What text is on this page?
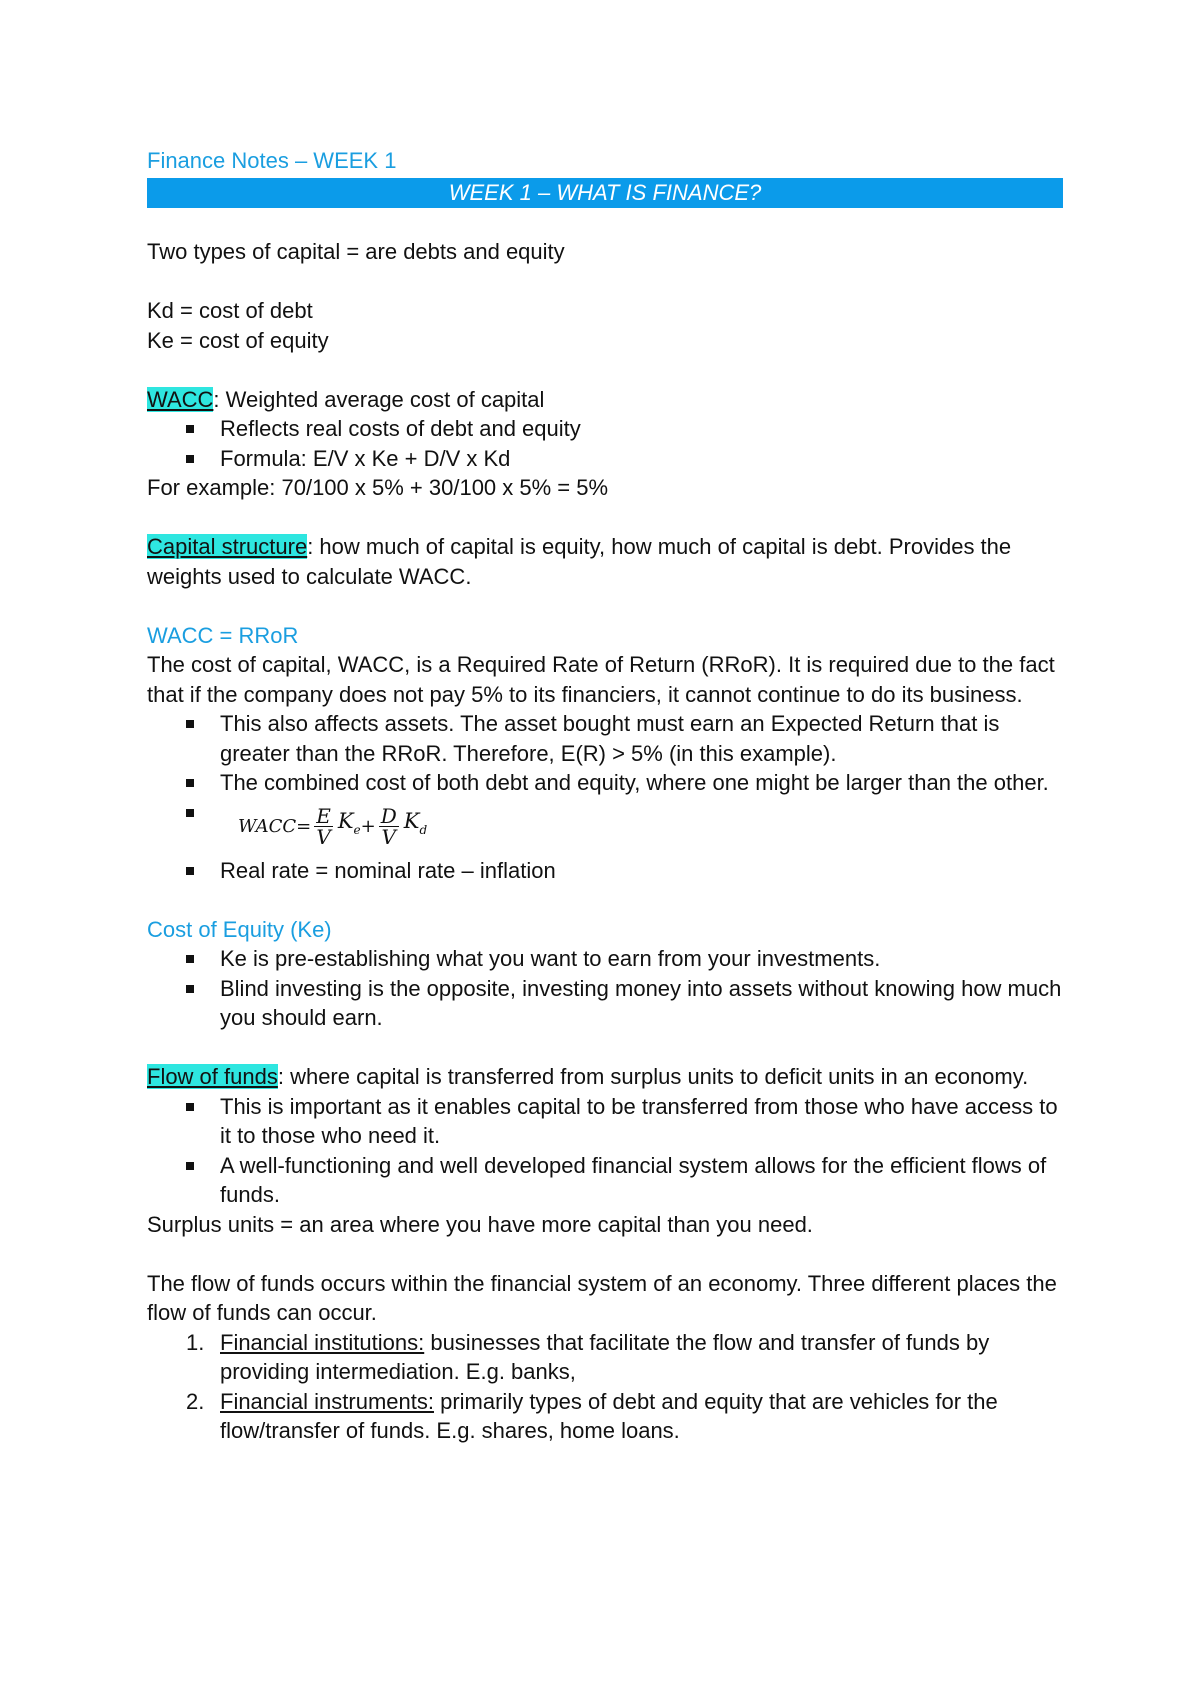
Finance Notes – WEEK 1
WEEK 1 – WHAT IS FINANCE?
Two types of capital = are debts and equity
Kd = cost of debt
Ke = cost of equity
WACC: Weighted average cost of capital
Reflects real costs of debt and equity
Formula: E/V x Ke + D/V x Kd
For example: 70/100 x 5% + 30/100 x 5% = 5%
Capital structure: how much of capital is equity, how much of capital is debt. Provides the weights used to calculate WACC.
WACC = RRoR
The cost of capital, WACC, is a Required Rate of Return (RRoR). It is required due to the fact that if the company does not pay 5% to its financiers, it cannot continue to do its business.
This also affects assets. The asset bought must earn an Expected Return that is greater than the RRoR. Therefore, E(R) > 5% (in this example).
The combined cost of both debt and equity, where one might be larger than the other.
WACC= $\frac{E}{V} K_e + \frac{D}{V} K_d$
Real rate = nominal rate – inflation
Cost of Equity (Ke)
Ke is pre-establishing what you want to earn from your investments.
Blind investing is the opposite, investing money into assets without knowing how much you should earn.
Flow of funds: where capital is transferred from surplus units to deficit units in an economy.
This is important as it enables capital to be transferred from those who have access to it to those who need it.
A well-functioning and well developed financial system allows for the efficient flows of funds.
Surplus units = an area where you have more capital than you need.
The flow of funds occurs within the financial system of an economy. Three different places the flow of funds can occur.
1. Financial institutions: businesses that facilitate the flow and transfer of funds by providing intermediation. E.g. banks,
2. Financial instruments: primarily types of debt and equity that are vehicles for the flow/transfer of funds. E.g. shares, home loans.
